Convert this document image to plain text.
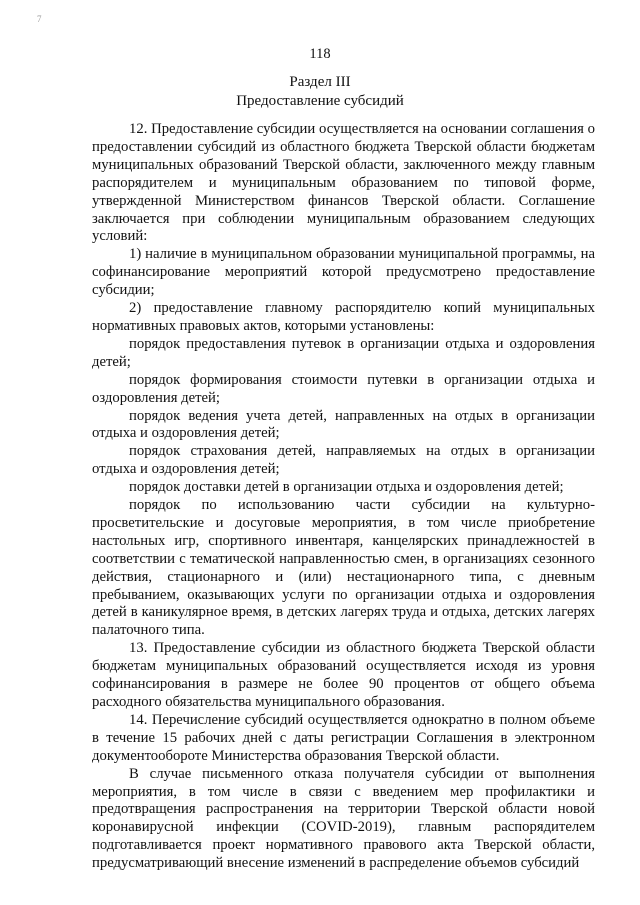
7
118
Раздел III
Предоставление субсидий

12. Предоставление субсидии осуществляется на основании соглашения о предоставлении субсидий из областного бюджета Тверской области бюджетам муниципальных образований Тверской области, заключенного между главным распорядителем и муниципальным образованием по типовой форме, утвержденной Министерством финансов Тверской области. Соглашение заключается при соблюдении муниципальным образованием следующих условий:

1) наличие в муниципальном образовании муниципальной программы, на софинансирование мероприятий которой предусмотрено предоставление субсидии;

2) предоставление главному распорядителю копий муниципальных нормативных правовых актов, которыми установлены:

порядок предоставления путевок в организации отдыха и оздоровления детей;

порядок формирования стоимости путевки в организации отдыха и оздоровления детей;

порядок ведения учета детей, направленных на отдых в организации отдыха и оздоровления детей;

порядок страхования детей, направляемых на отдых в организации отдыха и оздоровления детей;

порядок доставки детей в организации отдыха и оздоровления детей;

порядок по использованию части субсидии на культурно-просветительские и досуговые мероприятия, в том числе приобретение настольных игр, спортивного инвентаря, канцелярских принадлежностей в соответствии с тематической направленностью смен, в организациях сезонного действия, стационарного и (или) нестационарного типа, с дневным пребыванием, оказывающих услуги по организации отдыха и оздоровления детей в каникулярное время, в детских лагерях труда и отдыха, детских лагерях палаточного типа.

13. Предоставление субсидии из областного бюджета Тверской области бюджетам муниципальных образований осуществляется исходя из уровня софинансирования в размере не более 90 процентов от общего объема расходного обязательства муниципального образования.

14. Перечисление субсидий осуществляется однократно в полном объеме в течение 15 рабочих дней с даты регистрации Соглашения в электронном документообороте Министерства образования Тверской области.

В случае письменного отказа получателя субсидии от выполнения мероприятия, в том числе в связи с введением мер профилактики и предотвращения распространения на территории Тверской области новой коронавирусной инфекции (COVID-2019), главным распорядителем подготавливается проект нормативного правового акта Тверской области, предусматривающий внесение изменений в распределение объемов субсидий
